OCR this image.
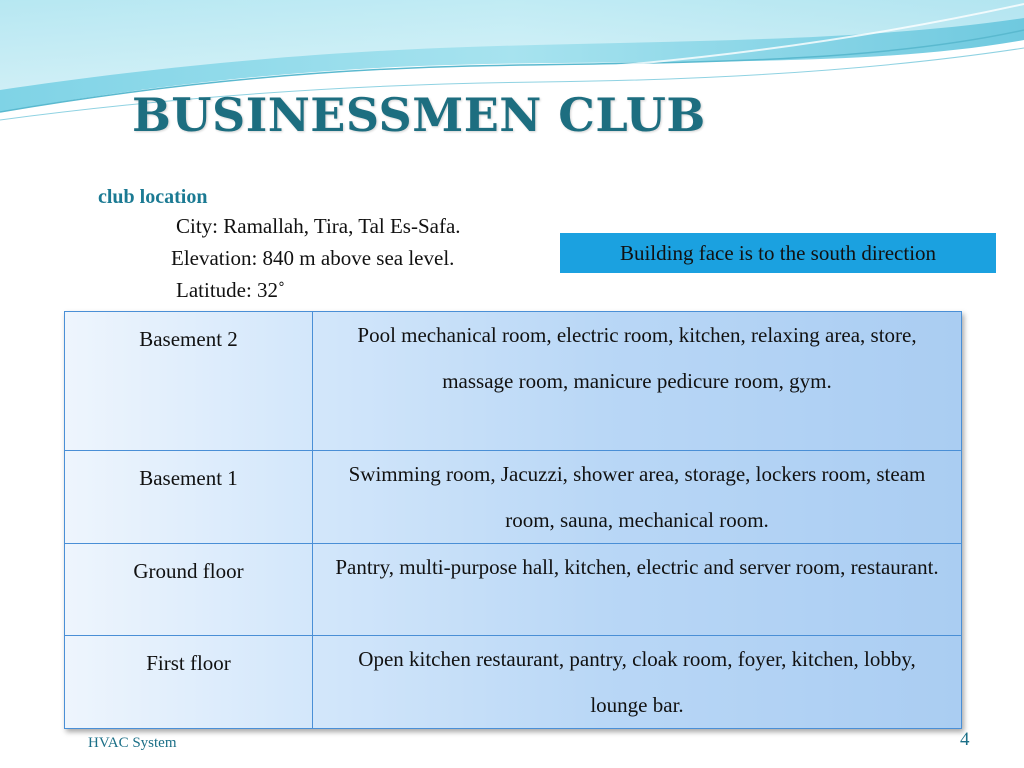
BUSINESSMEN CLUB
club location
City: Ramallah, Tira, Tal Es-Safa.
Elevation: 840 m above sea level.
Latitude: 32˚
Building face is to the south direction
Basement 2	Pool mechanical room, electric room, kitchen, relaxing area, store, massage room, manicure pedicure room, gym.
Basement 1	Swimming room, Jacuzzi, shower area, storage, lockers room, steam room, sauna, mechanical room.
Ground floor	Pantry, multi-purpose hall, kitchen, electric and server room, restaurant.
First floor	Open kitchen restaurant, pantry, cloak room, foyer, kitchen, lobby, lounge bar.
HVAC System	4
